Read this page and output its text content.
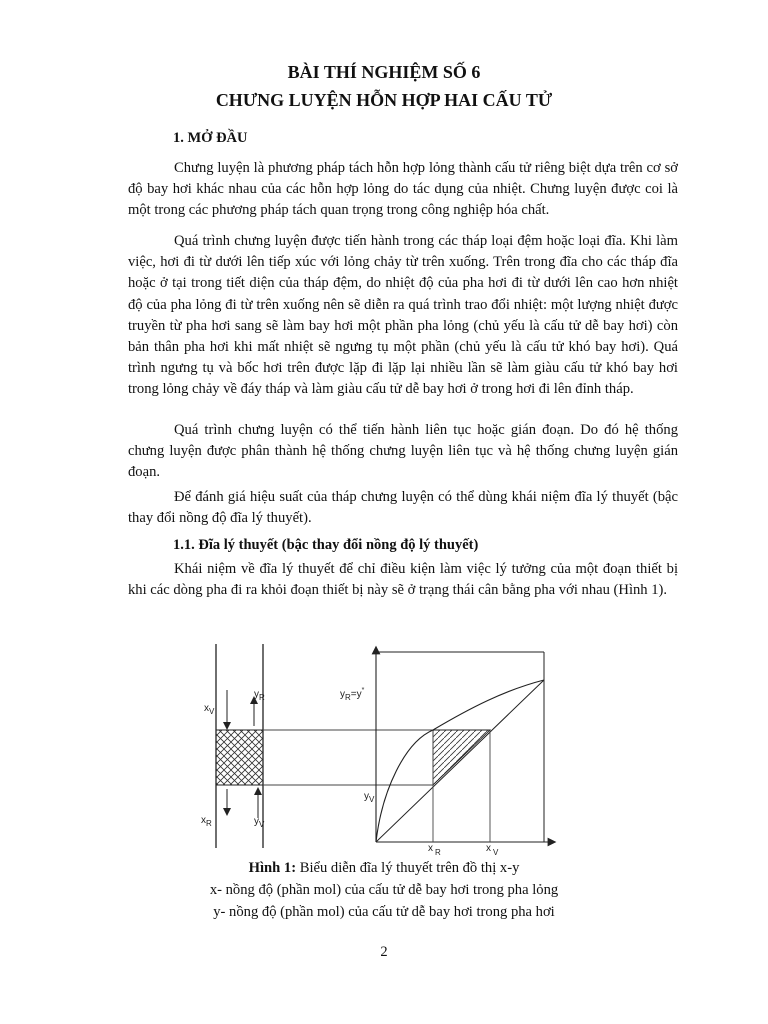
BÀI THÍ NGHIỆM SỐ 6
CHƯNG LUYỆN HỖN HỢP HAI CẤU TỬ
1. MỞ ĐẦU

Chưng luyện là phương pháp tách hỗn hợp lỏng thành cấu tử riêng biệt dựa trên cơ sở độ bay hơi khác nhau của các hỗn hợp lỏng do tác dụng của nhiệt. Chưng luyện được coi là một trong các phương pháp tách quan trọng trong công nghiệp hóa chất.

Quá trình chưng luyện được tiến hành trong các tháp loại đệm hoặc loại đĩa. Khi làm việc, hơi đi từ dưới lên tiếp xúc với lỏng chảy từ trên xuống. Trên trong đĩa cho các tháp đĩa hoặc ở tại trong tiết diện của tháp đệm, do nhiệt độ của pha hơi đi từ dưới lên cao hơn nhiệt độ của pha lỏng đi từ trên xuống nên sẽ diễn ra quá trình trao đổi nhiệt: một lượng nhiệt được truyền từ pha hơi sang sẽ làm bay hơi một phần pha lỏng (chủ yếu là cấu tử dễ bay hơi) còn bản thân pha hơi khi mất nhiệt sẽ ngưng tụ một phần (chủ yếu là cấu tử khó bay hơi). Quá trình ngưng tụ và bốc hơi trên được lặp đi lặp lại nhiều lần sẽ làm giàu cấu tử khó bay hơi trong lỏng chảy về đáy tháp và làm giàu cấu tử dễ bay hơi ở trong hơi đi lên đỉnh tháp.

Quá trình chưng luyện có thể tiến hành liên tục hoặc gián đoạn. Do đó hệ thống chưng luyện được phân thành hệ thống chưng luyện liên tục và hệ thống chưng luyện gián đoạn.

Để đánh giá hiệu suất của tháp chưng luyện có thể dùng khái niệm đĩa lý thuyết (bậc thay đổi nồng độ đĩa lý thuyết).

1.1. Đĩa lý thuyết (bậc thay đổi nồng độ lý thuyết)

Khái niệm về đĩa lý thuyết để chỉ điều kiện làm việc lý tưởng của một đoạn thiết bị khi các dòng pha đi ra khỏi đoạn thiết bị này sẽ ở trạng thái cân bằng pha với nhau (Hình 1).

$x_V$
$y_R$
$x_R$	$y_V$
$y_R=y^*$
$y_V$
x $_R$	x $_V$
Hình 1: Biểu diễn đĩa lý thuyết trên đồ thị x-y
x- nồng độ (phần mol) của cấu tử dễ bay hơi trong pha lỏng
y- nồng độ (phần mol) của cấu tử dễ bay hơi trong pha hơi
2
